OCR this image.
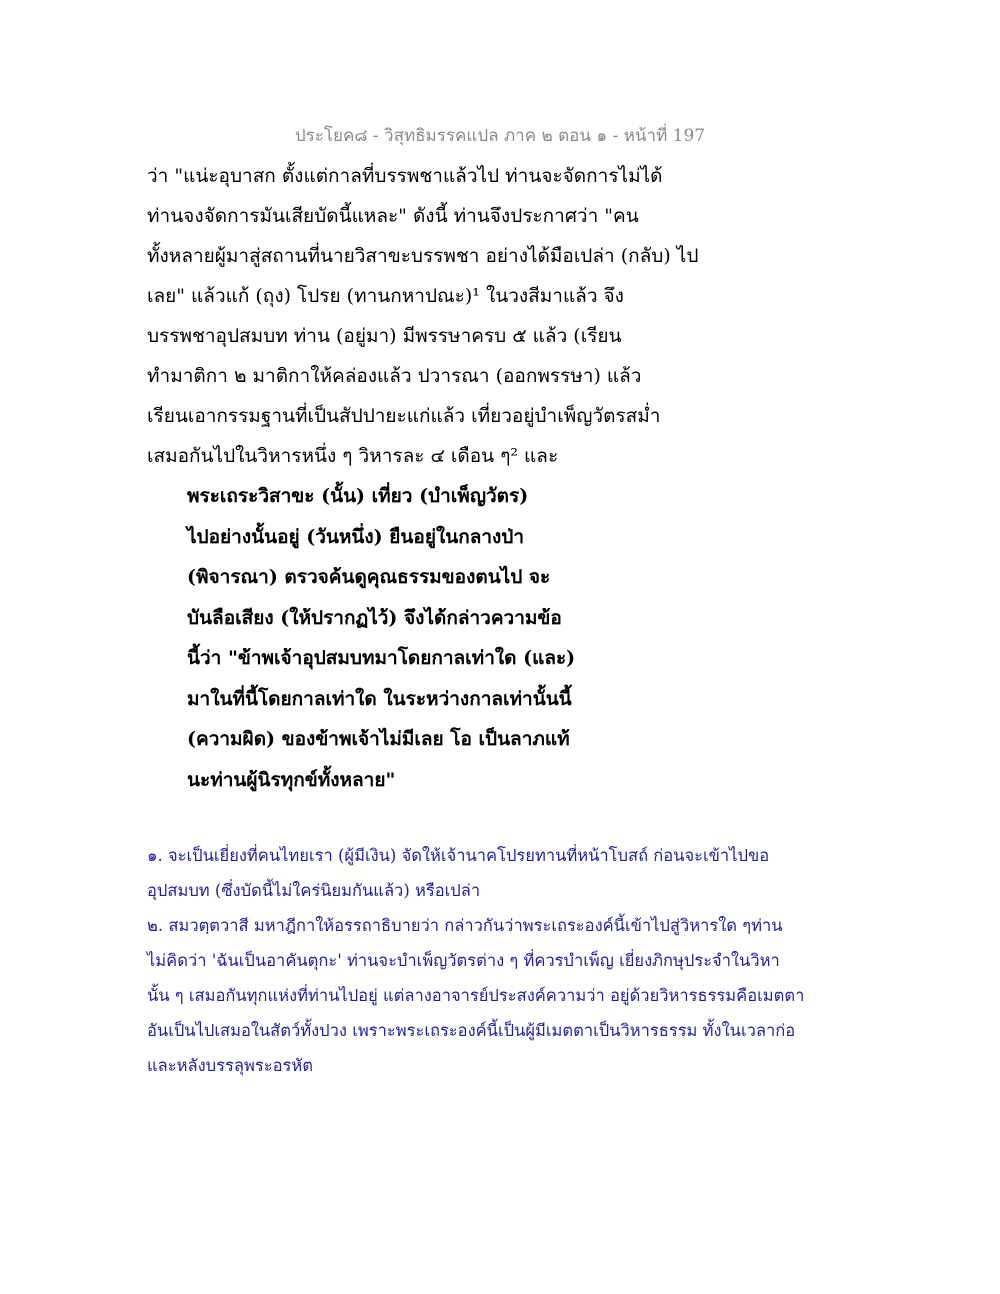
ประโยค๘ - วิสุทธิมรรคแปล ภาค ๒ ตอน ๑ - หน้าที่ 197
ว่า "แน่ะอุบาสก ตั้งแต่กาลที่บรรพชาแล้วไป ท่านจะจัดการไม่ได้
ท่านจงจัดการมันเสียบัดนี้แหละ" ดังนี้ ท่านจึงประกาศว่า "คน
ทั้งหลายผู้มาสู่สถานที่นายวิสาขะบรรพชา อย่างได้มือเปล่า (กลับ) ไป
เลย" แล้วแก้ (ถุง) โปรย (ทานกหาปณะ)¹ ในวงสีมาแล้ว จึง
บรรพชาอุปสมบท ท่าน (อยู่มา) มีพรรษาครบ ๕ แล้ว (เรียน
ทำมาติกา ๒ มาติกาให้คล่องแล้ว ปวารณา (ออกพรรษา) แล้ว
เรียนเอากรรมฐานที่เป็นสัปปายะแก่แล้ว เที่ยวอยู่บำเพ็ญวัตรสม่ำ
เสมอกันไปในวิหารหนึ่ง ๆ วิหารละ ๔ เดือน ๆ² และ
พระเถระวิสาขะ (นั้น) เที่ยว (บำเพ็ญวัตร)
ไปอย่างนั้นอยู่ (วันหนึ่ง) ยืนอยู่ในกลางป่า
(พิจารณา) ตรวจค้นดูคุณธรรมของตนไป จะ
บันลือเสียง (ให้ปรากฏไว้) จึงได้กล่าวความข้อ
นี้ว่า "ข้าพเจ้าอุปสมบทมาโดยกาลเท่าใด (และ)
มาในที่นี้โดยกาลเท่าใด ในระหว่างกาลเท่านั้นนี้
(ความผิด) ของข้าพเจ้าไม่มีเลย โอ เป็นลาภแท้
นะท่านผู้นิรทุกข์ทั้งหลาย"
๑. จะเป็นเยี่ยงที่คนไทยเรา (ผู้มีเงิน) จัดให้เจ้านาคโปรยทานที่หน้าโบสถ์ ก่อนจะเข้าไปขอ
อุปสมบท (ซึ่งบัดนี้ไม่ใคร่นิยมกันแล้ว) หรือเปล่า
๒. สมวตฺตวาสี มหาฎีกาให้อรรถาธิบายว่า กล่าวกันว่าพระเถระองค์นี้เข้าไปสู่วิหารใด ๆท่าน
ไม่คิดว่า 'ฉันเป็นอาคันตุกะ' ท่านจะบำเพ็ญวัตรต่าง ๆ ที่ควรบำเพ็ญ เยี่ยงภิกษุประจำในวิหา
นั้น ๆ เสมอกันทุกแห่งที่ท่านไปอยู่ แต่ลางอาจารย์ประสงค์ความว่า อยู่ด้วยวิหารธรรมคือเมตตา
อันเป็นไปเสมอในสัตว์ทั้งปวง เพราะพระเถระองค์นี้เป็นผู้มีเมตตาเป็นวิหารธรรม ทั้งในเวลาก่อ
และหลังบรรลุพระอรหัต
